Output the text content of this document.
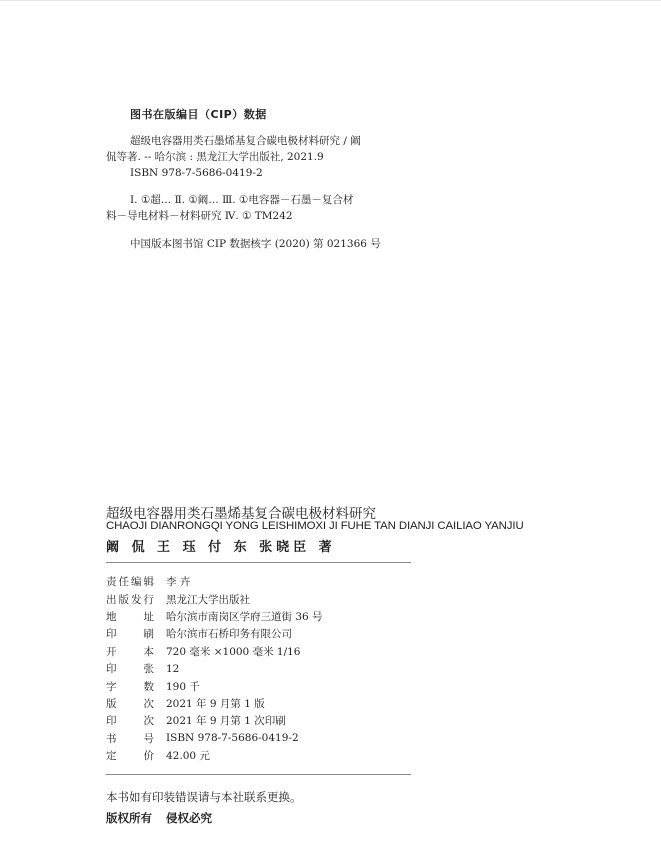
图书在版编目（CIP）数据
超级电容器用类石墨烯基复合碳电极材料研究 / 阚
侃等著. -- 哈尔滨 : 黑龙江大学出版社, 2021.9
ISBN 978-7-5686-0419-2
Ⅰ. ①超… Ⅱ. ①阚… Ⅲ. ①电容器－石墨－复合材
料－导电材料－材料研究 Ⅳ. ① TM242
中国版本图书馆 CIP 数据核字 (2020) 第 021366 号
超级电容器用类石墨烯基复合碳电极材料研究
CHAOJI DIANRONGQI YONG LEISHIMOXI JI FUHE TAN DIANJI CAILIAO YANJIU
阚 侃 王 珏 付 东 张晓臣 著
责 任 编 辑 李 卉
出 版 发 行 黑龙江大学出版社
地	址 哈尔滨市南岗区学府三道街 36 号
印	刷 哈尔滨市石桥印务有限公司
开	本 720 毫米 ×1000 毫米 1/16
印	张 12
字	数 190 千
版	次 2021 年 9 月第 1 版
印	次 2021 年 9 月第 1 次印刷
书	号 ISBN 978-7-5686-0419-2
定	价 42.00 元
本书如有印装错误请与本社联系更换。
版权所有 侵权必究
